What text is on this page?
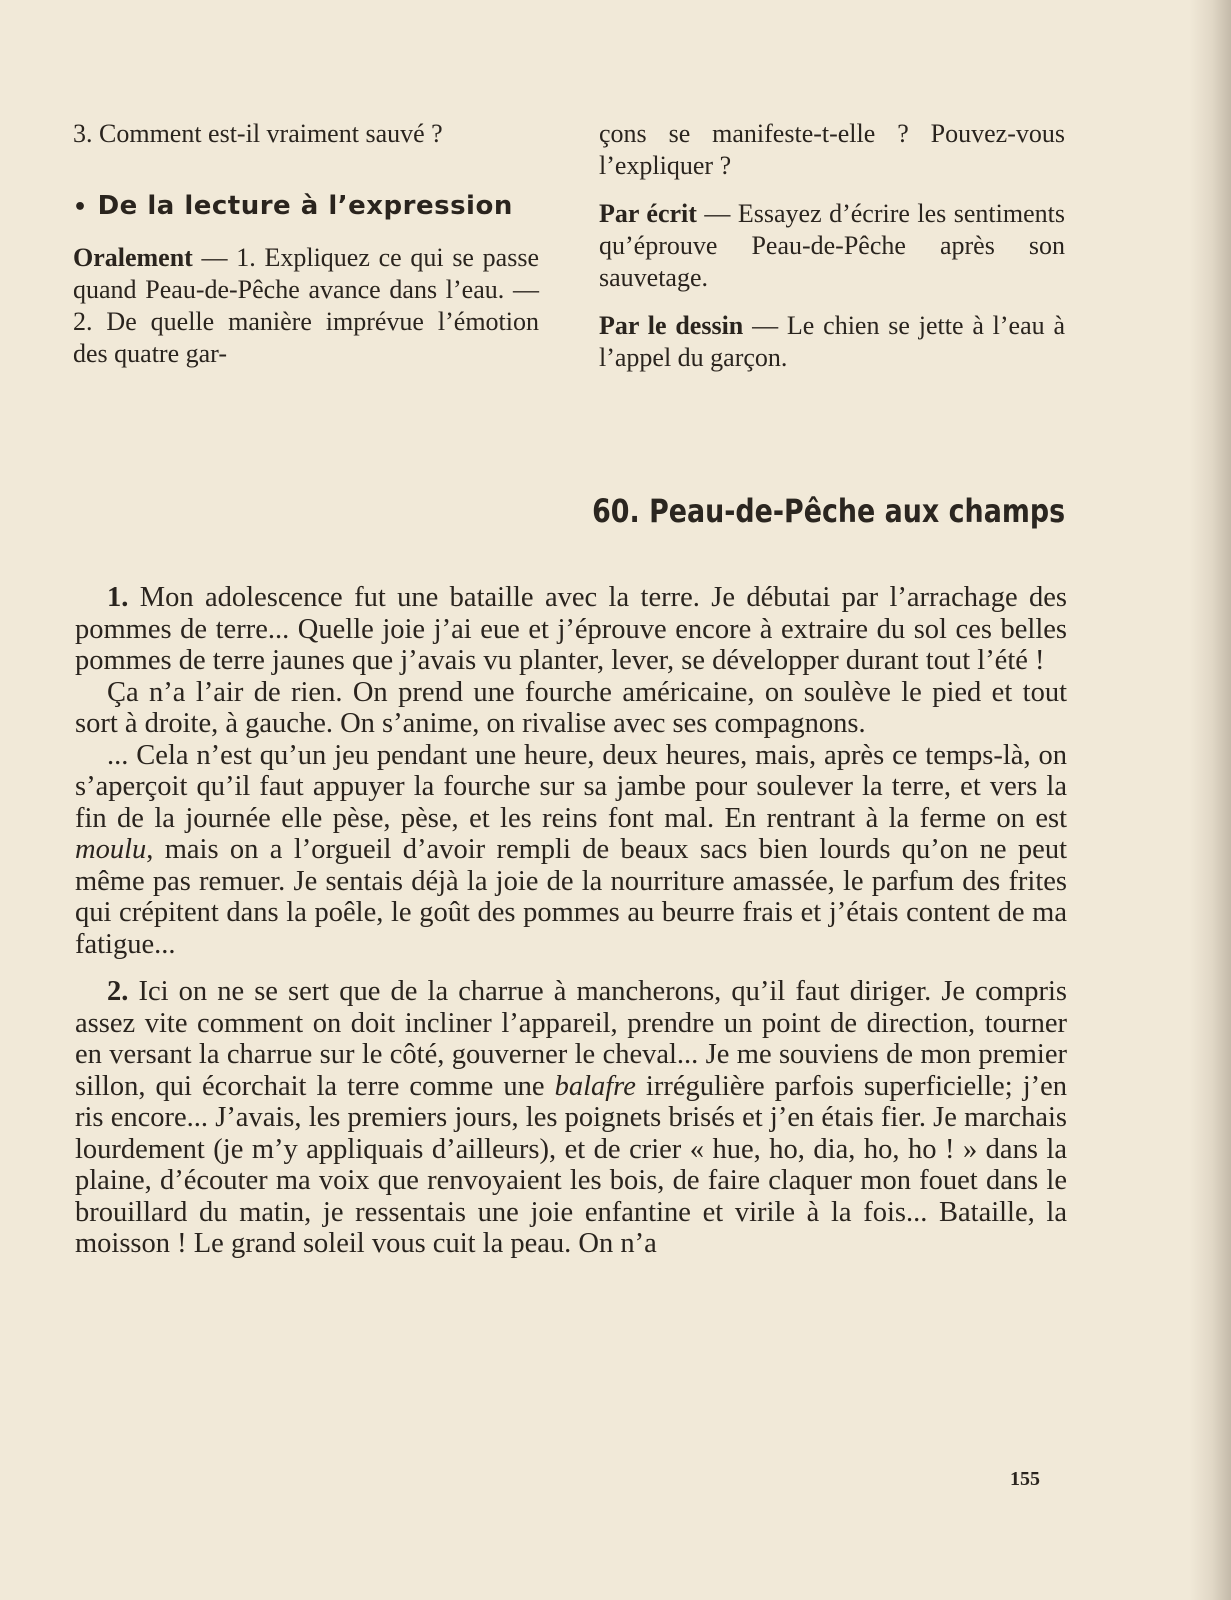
3. Comment est-il vraiment sauvé ?

• De la lecture à l’expression

Oralement — 1. Expliquez ce qui se passe quand Peau-de-Pêche avance dans l’eau. — 2. De quelle manière imprévue l’émotion des quatre gar-

çons se manifeste-t-elle ? Pouvez-vous l’expliquer ?

Par écrit — Essayez d’écrire les sentiments qu’éprouve Peau-de-Pêche après son sauvetage.

Par le dessin — Le chien se jette à l’eau à l’appel du garçon.

60. Peau-de-Pêche aux champs

1. Mon adolescence fut une bataille avec la terre. Je débutai par l’arrachage des pommes de terre... Quelle joie j’ai eue et j’éprouve encore à extraire du sol ces belles pommes de terre jaunes que j’avais vu planter, lever, se développer durant tout l’été !

Ça n’a l’air de rien. On prend une fourche américaine, on soulève le pied et tout sort à droite, à gauche. On s’anime, on rivalise avec ses compagnons.

... Cela n’est qu’un jeu pendant une heure, deux heures, mais, après ce temps-là, on s’aperçoit qu’il faut appuyer la fourche sur sa jambe pour soulever la terre, et vers la fin de la journée elle pèse, pèse, et les reins font mal. En rentrant à la ferme on est moulu, mais on a l’orgueil d’avoir rempli de beaux sacs bien lourds qu’on ne peut même pas remuer. Je sentais déjà la joie de la nourriture amassée, le parfum des frites qui crépitent dans la poêle, le goût des pommes au beurre frais et j’étais content de ma fatigue...

2. Ici on ne se sert que de la charrue à mancherons, qu’il faut diriger. Je compris assez vite comment on doit incliner l’appareil, prendre un point de direction, tourner en versant la charrue sur le côté, gouverner le cheval... Je me souviens de mon premier sillon, qui écorchait la terre comme une balafre irrégulière parfois superficielle; j’en ris encore... J’avais, les premiers jours, les poignets brisés et j’en étais fier. Je marchais lourdement (je m’y appliquais d’ailleurs), et de crier « hue, ho, dia, ho, ho ! » dans la plaine, d’écouter ma voix que renvoyaient les bois, de faire claquer mon fouet dans le brouillard du matin, je ressentais une joie enfantine et virile à la fois... Bataille, la moisson ! Le grand soleil vous cuit la peau. On n’a

155
